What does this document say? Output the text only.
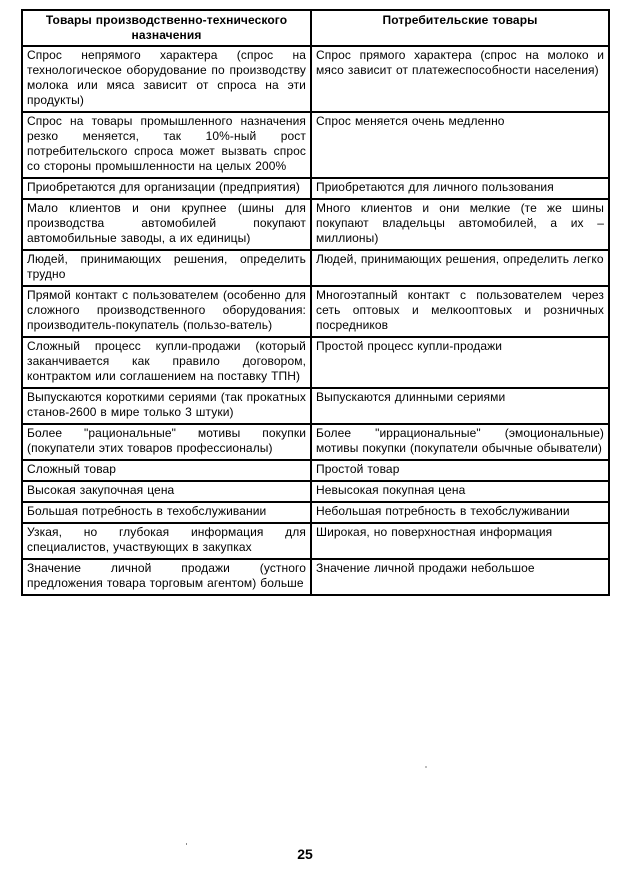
Товары производственно-технического назначения	Потребительские товары
Спрос непрямого характера (спрос на технологическое оборудование по производству молока или мяса зависит от спроса на эти продукты)	Спрос прямого характера (спрос на молоко и мясо зависит от платежеспособности населения)
Спрос на товары промышленного назначения резко меняется, так 10%-ный рост потребительского спроса может вызвать спрос со стороны промышленности на целых 200%	Спрос меняется очень медленно
Приобретаются для организации (предприятия)	Приобретаются для личного пользования
Мало клиентов и они крупнее (шины для производства автомобилей покупают автомобильные заводы, а их единицы)	Много клиентов и они мелкие (те же шины покупают владельцы автомобилей, а их – миллионы)
Людей, принимающих решения, определить трудно	Людей, принимающих решения, определить легко
Прямой контакт с пользователем (особенно для сложного производственного оборудования: производитель-покупатель (пользо-ватель)	Многоэтапный контакт с пользователем через сеть оптовых и мелкооптовых и розничных посредников
Сложный процесс купли-продажи (который заканчивается как правило договором, контрактом или соглашением на поставку ТПН)	Простой процесс купли-продажи
Выпускаются короткими сериями (так прокатных станов-2600 в мире только 3 штуки)	Выпускаются длинными сериями
Более "рациональные" мотивы покупки (покупатели этих товаров профессионалы)	Более "иррациональные" (эмоциональные) мотивы покупки (покупатели обычные обыватели)
Сложный товар	Простой товар
Высокая закупочная цена	Невысокая покупная цена
Большая потребность в техобслуживании	Небольшая потребность в техобслуживании
Узкая, но глубокая информация для специалистов, участвующих в закупках	Широкая, но поверхностная информация
Значение личной продажи (устного предложения товара торговым агентом) больше	Значение личной продажи небольшое
25
